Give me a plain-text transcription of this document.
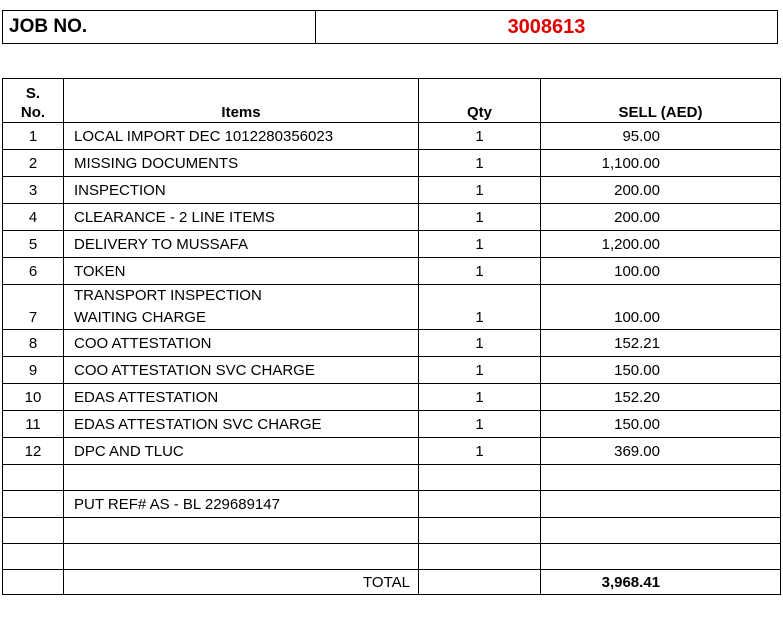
JOB NO.	3008613
S.
No.	Items	Qty	SELL (AED)
1	LOCAL IMPORT DEC 1012280356023	1	95.00
2	MISSING DOCUMENTS	1	1,100.00
3	INSPECTION	1	200.00
4	CLEARANCE - 2 LINE ITEMS	1	200.00
5	DELIVERY TO MUSSAFA	1	1,200.00
6	TOKEN	1	100.00
7	TRANSPORT INSPECTION WAITING CHARGE	1	100.00
8	COO ATTESTATION	1	152.21
9	COO ATTESTATION SVC CHARGE	1	150.00
10	EDAS ATTESTATION	1	152.20
11	EDAS ATTESTATION SVC CHARGE	1	150.00
12	DPC AND TLUC	1	369.00

	PUT REF# AS - BL 229689147		

	TOTAL		3,968.41
